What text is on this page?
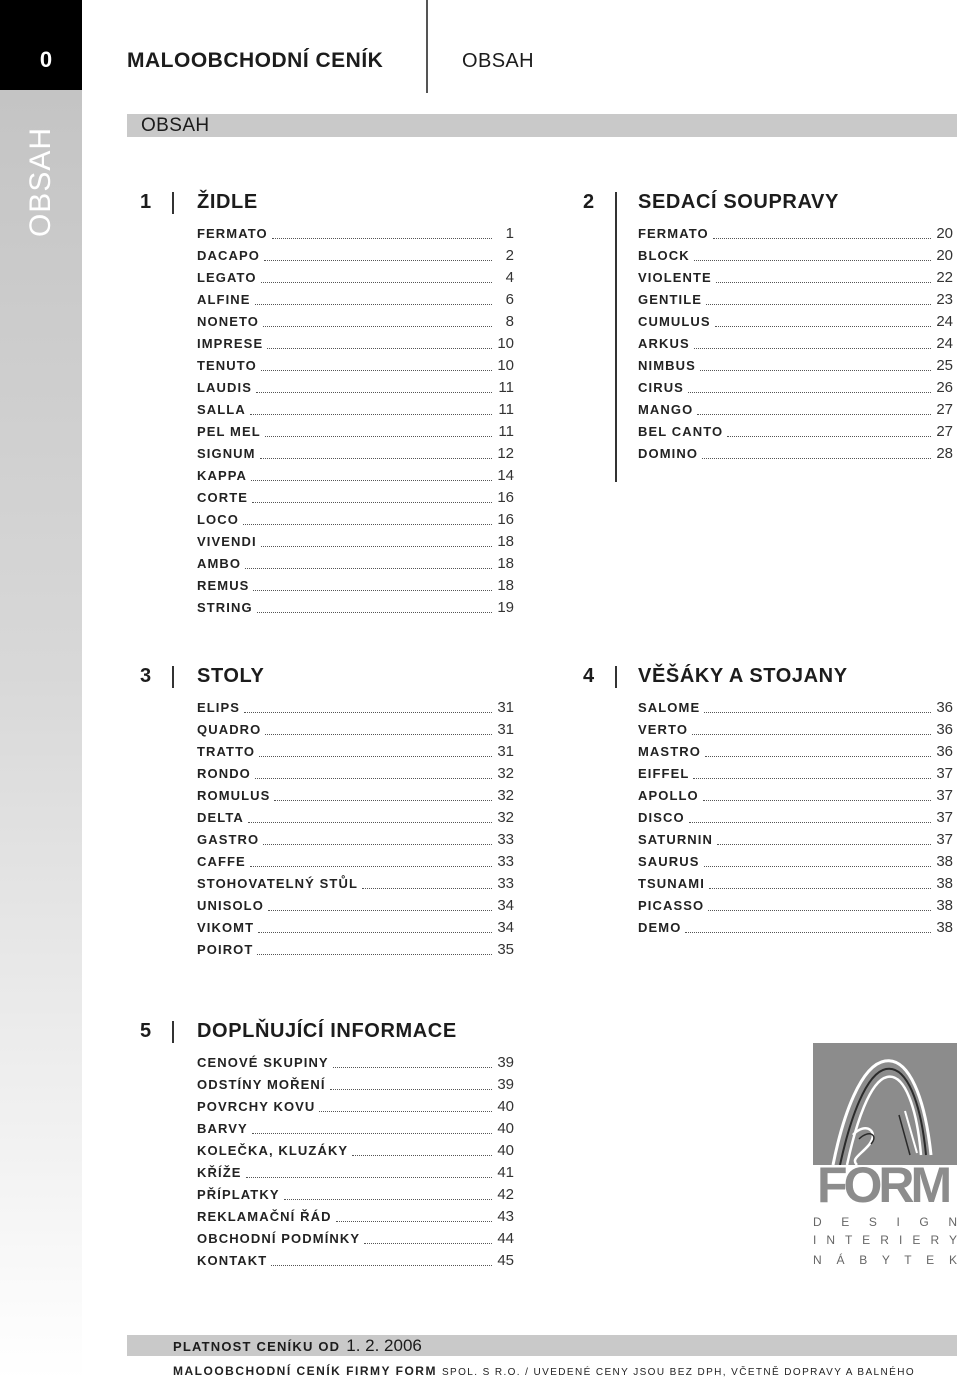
0	MALOOBCHODNÍ CENÍK	OBSAH
OBSAH
OBSAH
1 ŽIDLE
FERMATO	1
DACAPO	2
LEGATO	4
ALFINE	6
NONETO	8
IMPRESE	10
TENUTO	10
LAUDIS	11
SALLA	11
PEL MEL	11
SIGNUM	12
KAPPA	14
CORTE	16
LOCO	16
VIVENDI	18
AMBO	18
REMUS	18
STRING	19
2 SEDACÍ SOUPRAVY
FERMATO	20
BLOCK	20
VIOLENTE	22
GENTILE	23
CUMULUS	24
ARKUS	24
NIMBUS	25
CIRUS	26
MANGO	27
BEL CANTO	27
DOMINO	28
3 STOLY
ELIPS	31
QUADRO	31
TRATTO	31
RONDO	32
ROMULUS	32
DELTA	32
GASTRO	33
CAFFE	33
STOHOVATELNÝ STŮL	33
UNISOLO	34
VIKOMT	34
POIROT	35
4 VĚŠÁKY A STOJANY
SALOME	36
VERTO	36
MASTRO	36
EIFFEL	37
APOLLO	37
DISCO	37
SATURNIN	37
SAURUS	38
TSUNAMI	38
PICASSO	38
DEMO	38
5 DOPLŇUJÍCÍ INFORMACE
CENOVÉ SKUPINY	39
ODSTÍNY MOŘENÍ	39
POVRCHY KOVU	40
BARVY	40
KOLEČKA, KLUZÁKY	40
KŘÍŽE	41
PŘÍPLATKY	42
REKLAMAČNÍ ŘÁD	43
OBCHODNÍ PODMÍNKY	44
KONTAKT	45
FORM
D E S I G N
I N T E R I E R Y
N Á B Y T E K
PLATNOST CENÍKU OD 1. 2. 2006
MALOOBCHODNÍ CENÍK FIRMY FORM SPOL. S R.O. / UVEDENÉ CENY JSOU BEZ DPH, VČETNĚ DOPRAVY A BALNÉHO
